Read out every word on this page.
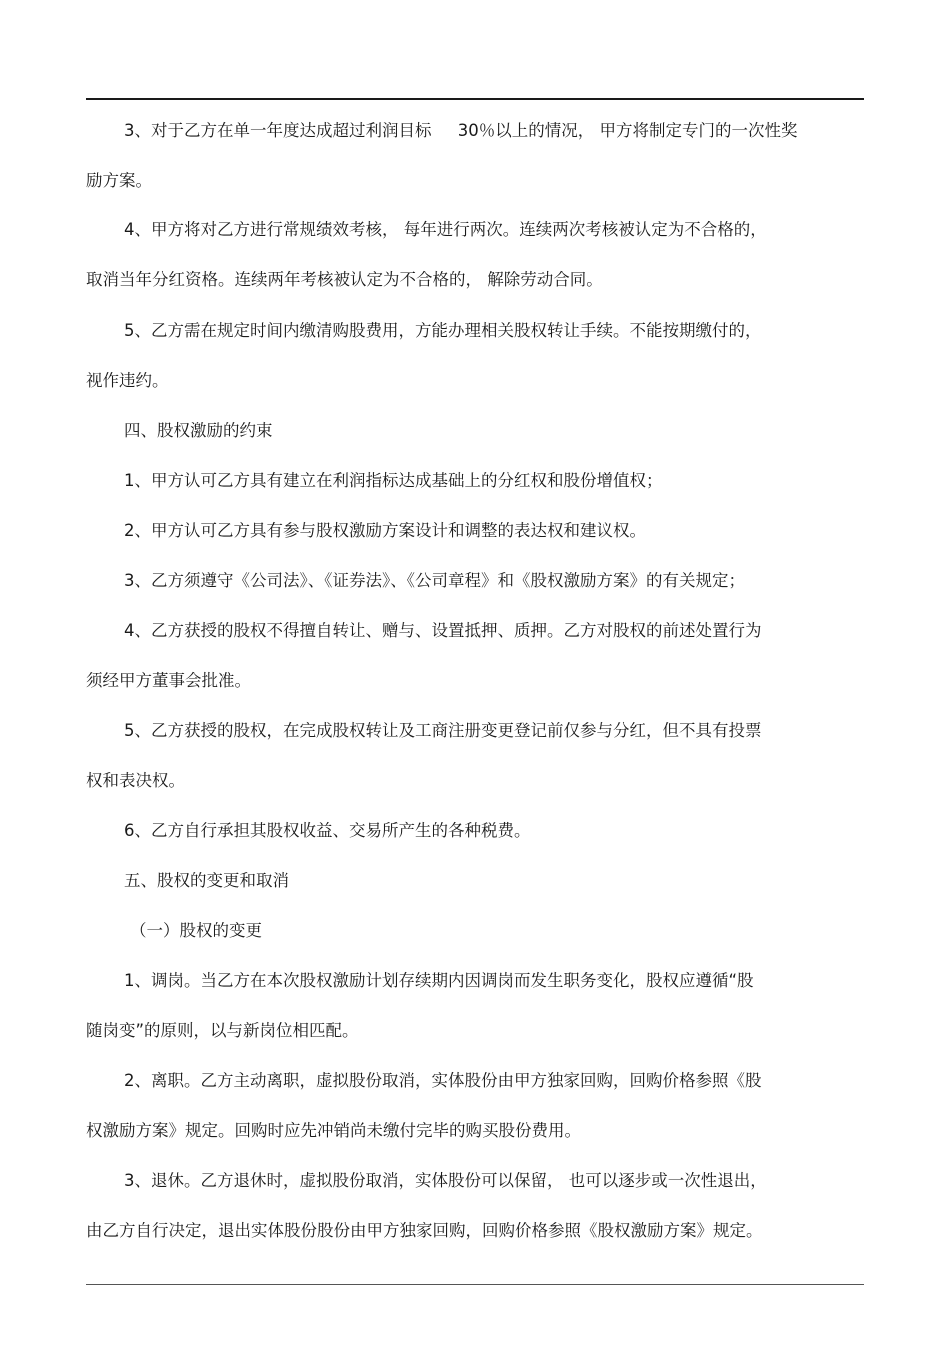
3、对于乙方在单一年度达成超过利润目标     30％以上的情况， 甲方将制定专门的一次性奖
励方案。
4、甲方将对乙方进行常规绩效考核， 每年进行两次。连续两次考核被认定为不合格的，
取消当年分红资格。连续两年考核被认定为不合格的， 解除劳动合同。
5、乙方需在规定时间内缴清购股费用，方能办理相关股权转让手续。不能按期缴付的，
视作违约。
四、股权激励的约束
1、甲方认可乙方具有建立在利润指标达成基础上的分红权和股份增值权；
2、甲方认可乙方具有参与股权激励方案设计和调整的表达权和建议权。
3、乙方须遵守《公司法》、《证券法》、《公司章程》和《股权激励方案》的有关规定；
4、乙方获授的股权不得擅自转让、赠与、设置抵押、质押。乙方对股权的前述处置行为
须经甲方董事会批准。
5、乙方获授的股权，在完成股权转让及工商注册变更登记前仅参与分红，但不具有投票
权和表决权。
6、乙方自行承担其股权收益、交易所产生的各种税费。
五、股权的变更和取消
（一）股权的变更
1、调岗。当乙方在本次股权激励计划存续期内因调岗而发生职务变化，股权应遵循“股
随岗变”的原则，以与新岗位相匹配。
2、离职。乙方主动离职，虚拟股份取消，实体股份由甲方独家回购，回购价格参照《股
权激励方案》规定。回购时应先冲销尚未缴付完毕的购买股份费用。
3、退休。乙方退休时，虚拟股份取消，实体股份可以保留， 也可以逐步或一次性退出，
由乙方自行决定，退出实体股份股份由甲方独家回购，回购价格参照《股权激励方案》规定。
